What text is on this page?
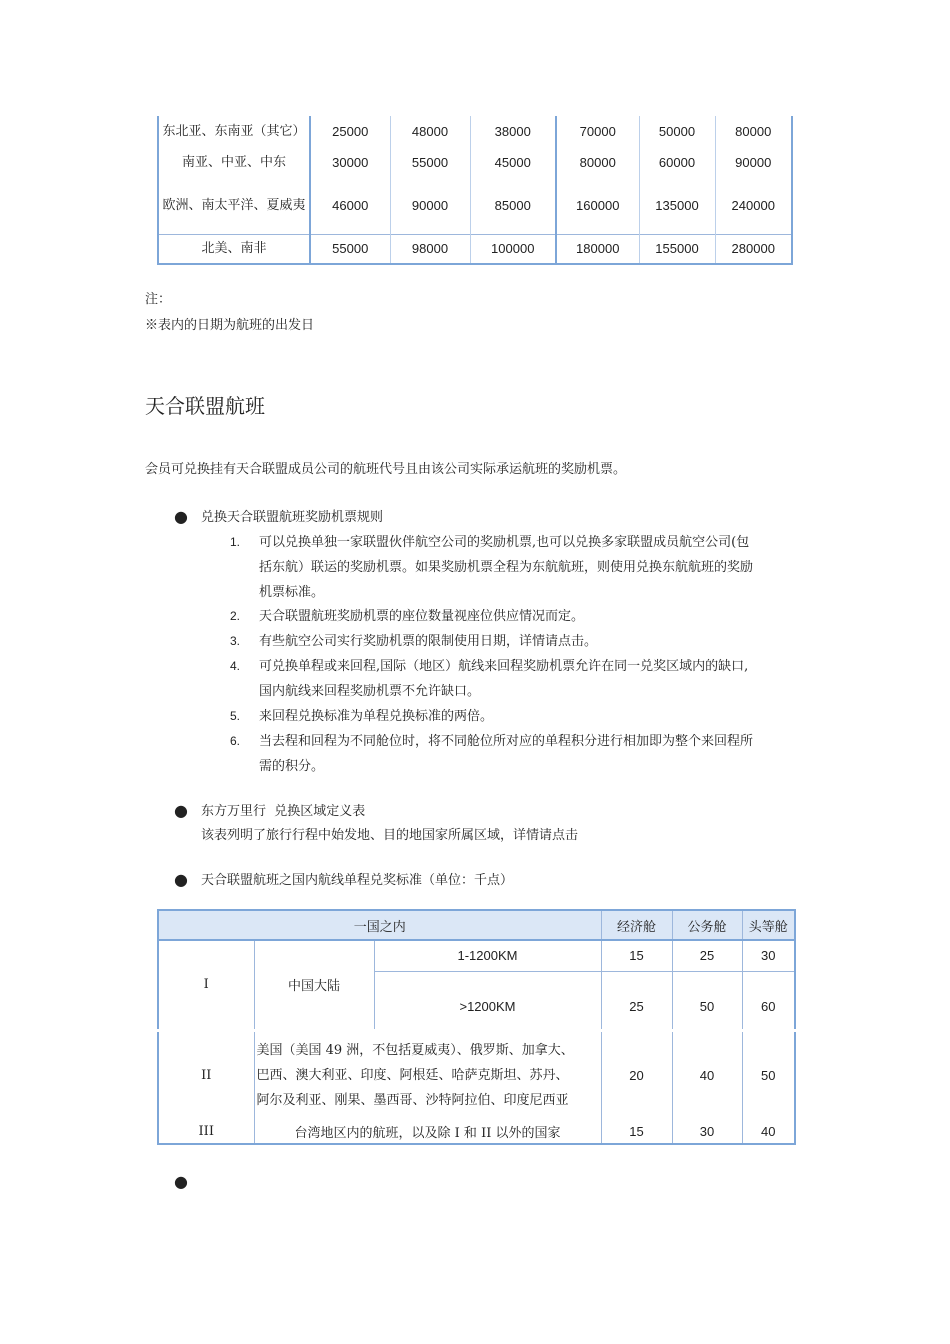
东北亚、东南亚（其它）	25000	48000	38000	70000	50000	80000
南亚、中亚、中东	30000	55000	45000	80000	60000	90000
欧洲、南太平洋、夏威夷	46000	90000	85000	160000	135000	240000
北美、南非	55000	98000	100000	180000	155000	280000
注：
※表内的日期为航班的出发日
天合联盟航班
会员可兑换挂有天合联盟成员公司的航班代号且由该公司实际承运航班的奖励机票。
● 兑换天合联盟航班奖励机票规则
1. 可以兑换单独一家联盟伙伴航空公司的奖励机票,也可以兑换多家联盟成员航空公司(包
括东航）联运的奖励机票。如果奖励机票全程为东航航班，则使用兑换东航航班的奖励
机票标准。
2. 天合联盟航班奖励机票的座位数量视座位供应情况而定。
3. 有些航空公司实行奖励机票的限制使用日期，详情请点击。
4. 可兑换单程或来回程,国际（地区）航线来回程奖励机票允许在同一兑奖区域内的缺口,
国内航线来回程奖励机票不允许缺口。
5. 来回程兑换标准为单程兑换标准的两倍。
6. 当去程和回程为不同舱位时，将不同舱位所对应的单程积分进行相加即为整个来回程所
需的积分。
● 东方万里行  兑换区域定义表
该表列明了旅行行程中始发地、目的地国家所属区域，详情请点击
● 天合联盟航班之国内航线单程兑奖标准（单位：千点）
一国之内			经济舱	公务舱	头等舱
I	中国大陆	1-1200KM	15	25	30
		>1200KM	25	50	60
II	美国（美国 49 洲，不包括夏威夷）、俄罗斯、加拿大、
巴西、澳大利亚、印度、阿根廷、哈萨克斯坦、苏丹、
阿尔及利亚、刚果、墨西哥、沙特阿拉伯、印度尼西亚		20	40	50
III	台湾地区内的航班，以及除 I 和 II 以外的国家		15	30	40
●
